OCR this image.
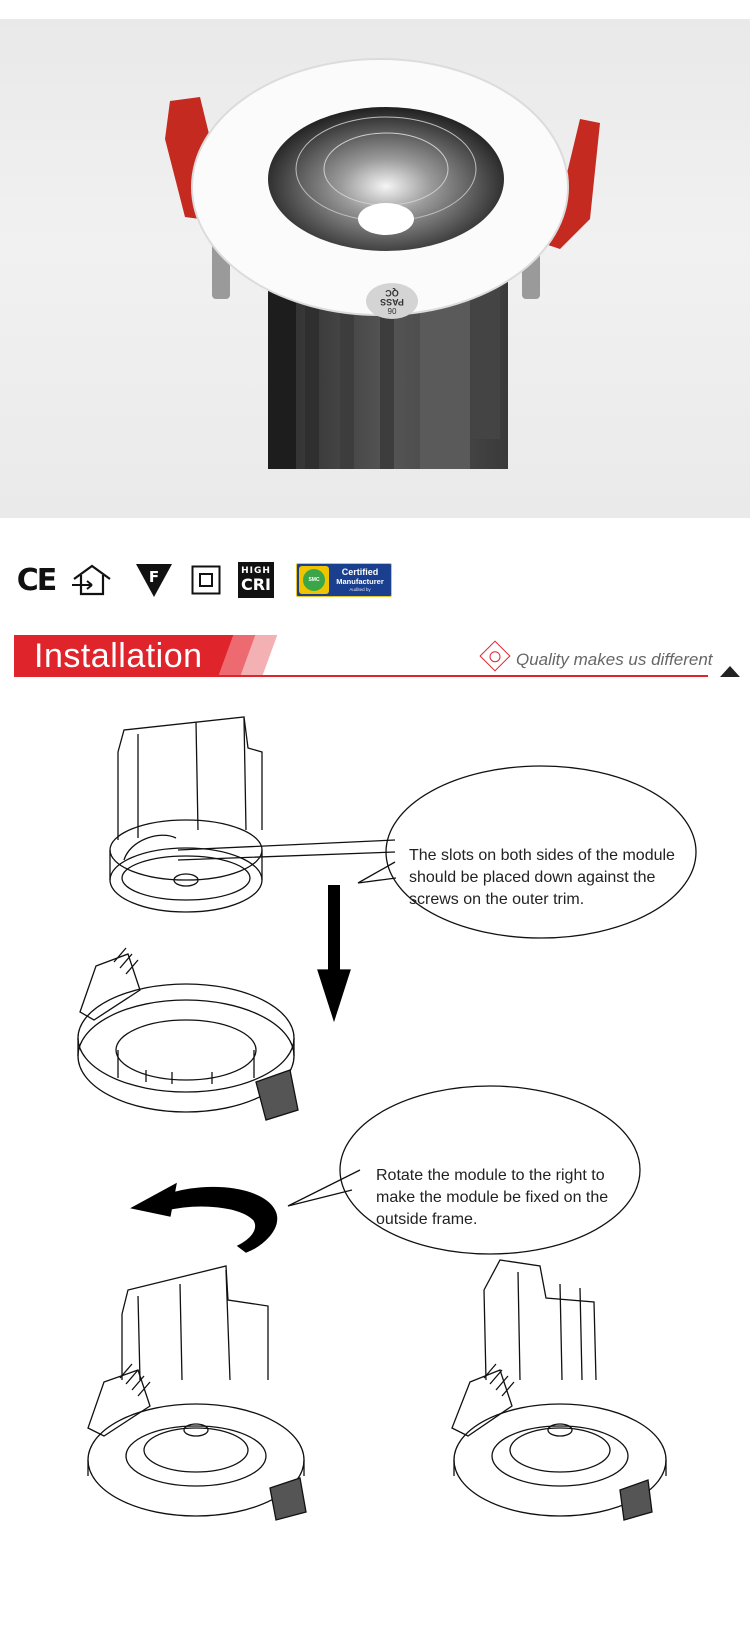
06
PASS
QC
CE	F	HIGH
CRI	SMC
Certified
Manufacturer
Audited by
Installation	Quality makes us different
The slots on both sides of the module should be placed down against the screws on the outer trim.
Rotate the module to the right to make the module be fixed on the outside frame.
